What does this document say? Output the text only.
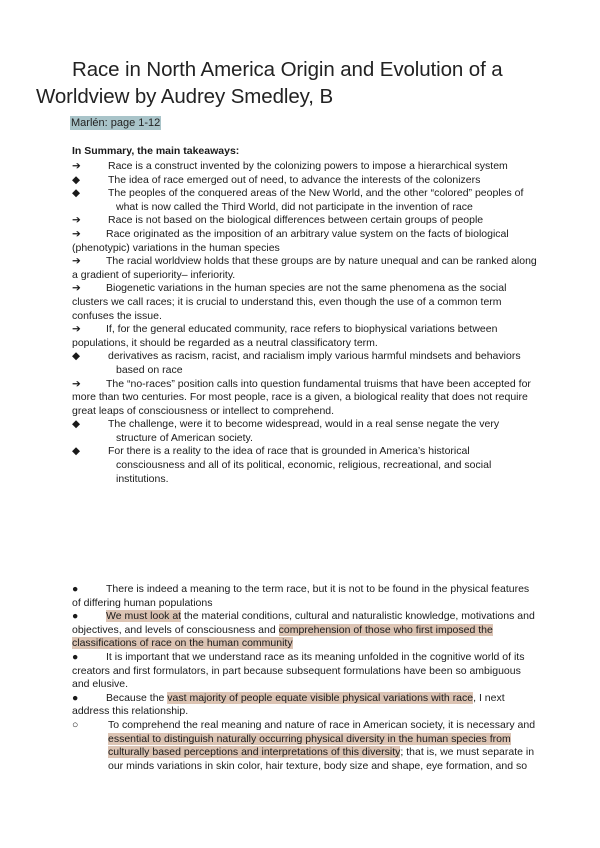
Race in North America Origin and Evolution of a
Worldview by Audrey Smedley, B
Marlén: page 1-12
In Summary, the main takeaways:
➔	Race is a construct invented by the colonizing powers to impose a hierarchical system
◆	The idea of race emerged out of need, to advance the interests of the colonizers
◆	The peoples of the conquered areas of the New World, and the other “colored” peoples of
what is now called the Third World, did not participate in the invention of race
➔	Race is not based on the biological differences between certain groups of people
➔	Race originated as the imposition of an arbitrary value system on the facts of biological (phenotypic) variations in the human species
➔	The racial worldview holds that these groups are by nature unequal and can be ranked along a gradient of superiority– inferiority.
➔	Biogenetic variations in the human species are not the same phenomena as the social clusters we call races; it is crucial to understand this, even though the use of a common term confuses the issue.
➔	If, for the general educated community, race refers to biophysical variations between populations, it should be regarded as a neutral classificatory term.
◆	derivatives as racism, racist, and racialism imply various harmful mindsets and behaviors
based on race
➔	The “no-races” position calls into question fundamental truisms that have been accepted for more than two centuries. For most people, race is a given, a biological reality that does not require great leaps of consciousness or intellect to comprehend.
◆	The challenge, were it to become widespread, would in a real sense negate the very
structure of American society.
◆	For there is a reality to the idea of race that is grounded in America’s historical
consciousness and all of its political, economic, religious, recreational, and social institutions.
●	There is indeed a meaning to the term race, but it is not to be found in the physical features of differing human populations
●	We must look at the material conditions, cultural and naturalistic knowledge, motivations and objectives, and levels of consciousness and comprehension of those who first imposed the classifications of race on the human community
●	It is important that we understand race as its meaning unfolded in the cognitive world of its creators and first formulators, in part because subsequent formulations have been so ambiguous and elusive.
●	Because the vast majority of people equate visible physical variations with race, I next address this relationship.
○	To comprehend the real meaning and nature of race in American society, it is necessary and essential to distinguish naturally occurring physical diversity in the human species from culturally based perceptions and interpretations of this diversity; that is, we must separate in our minds variations in skin color, hair texture, body size and shape, eye formation, and so
